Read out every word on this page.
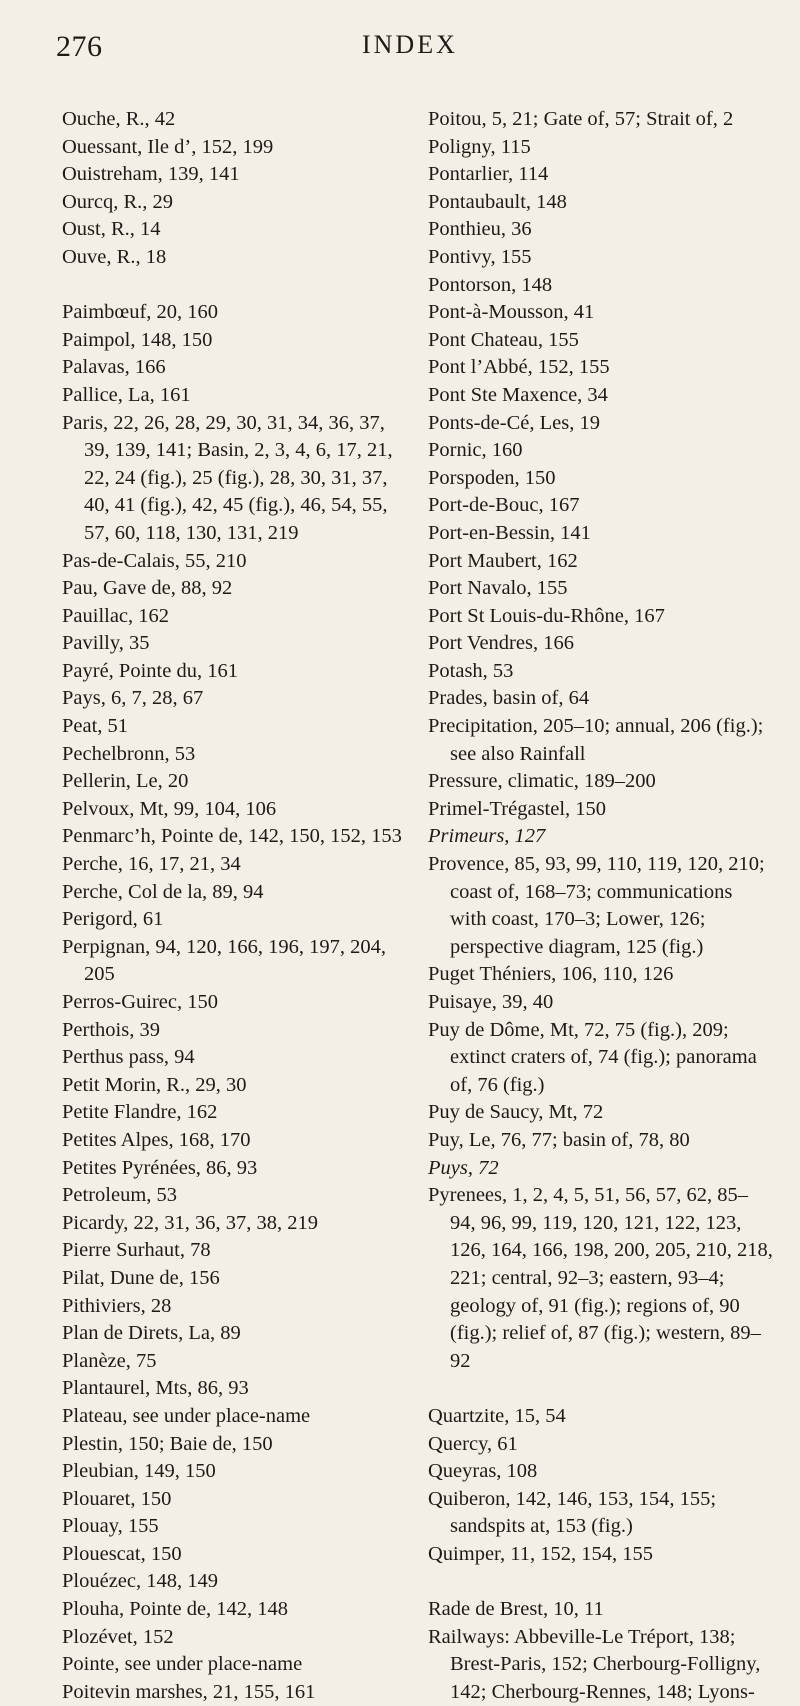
276	INDEX
Ouche, R., 42
Ouessant, Ile d’, 152, 199
Ouistreham, 139, 141
Ourcq, R., 29
Oust, R., 14
Ouve, R., 18
Paimbœuf, 20, 160
Paimpol, 148, 150
Palavas, 166
Pallice, La, 161
Paris, 22, 26, 28, 29, 30, 31, 34, 36, 37, 39, 139, 141; Basin, 2, 3, 4, 6, 17, 21, 22, 24 (fig.), 25 (fig.), 28, 30, 31, 37, 40, 41 (fig.), 42, 45 (fig.), 46, 54, 55, 57, 60, 118, 130, 131, 219
Pas-de-Calais, 55, 210
Pau, Gave de, 88, 92
Pauillac, 162
Pavilly, 35
Payré, Pointe du, 161
Pays, 6, 7, 28, 67
Peat, 51
Pechelbronn, 53
Pellerin, Le, 20
Pelvoux, Mt, 99, 104, 106
Penmarc’h, Pointe de, 142, 150, 152, 153
Perche, 16, 17, 21, 34
Perche, Col de la, 89, 94
Perigord, 61
Perpignan, 94, 120, 166, 196, 197, 204, 205
Perros-Guirec, 150
Perthois, 39
Perthus pass, 94
Petit Morin, R., 29, 30
Petite Flandre, 162
Petites Alpes, 168, 170
Petites Pyrénées, 86, 93
Petroleum, 53
Picardy, 22, 31, 36, 37, 38, 219
Pierre Surhaut, 78
Pilat, Dune de, 156
Pithiviers, 28
Plan de Direts, La, 89
Planèze, 75
Plantaurel, Mts, 86, 93
Plateau, see under place-name
Plestin, 150; Baie de, 150
Pleubian, 149, 150
Plouaret, 150
Plouay, 155
Plouescat, 150
Plouézec, 148, 149
Plouha, Pointe de, 142, 148
Plozévet, 152
Pointe, see under place-name
Poitevin marshes, 21, 155, 161
Poitou, 5, 21; Gate of, 57; Strait of, 2
Poligny, 115
Pontarlier, 114
Pontaubault, 148
Ponthieu, 36
Pontivy, 155
Pontorson, 148
Pont-à-Mousson, 41
Pont Chateau, 155
Pont l’Abbé, 152, 155
Pont Ste Maxence, 34
Ponts-de-Cé, Les, 19
Pornic, 160
Porspoden, 150
Port-de-Bouc, 167
Port-en-Bessin, 141
Port Maubert, 162
Port Navalo, 155
Port St Louis-du-Rhône, 167
Port Vendres, 166
Potash, 53
Prades, basin of, 64
Precipitation, 205–10; annual, 206 (fig.); see also Rainfall
Pressure, climatic, 189–200
Primel-Trégastel, 150
Primeurs, 127
Provence, 85, 93, 99, 110, 119, 120, 210; coast of, 168–73; communications with coast, 170–3; Lower, 126; perspective diagram, 125 (fig.)
Puget Théniers, 106, 110, 126
Puisaye, 39, 40
Puy de Dôme, Mt, 72, 75 (fig.), 209; extinct craters of, 74 (fig.); panorama of, 76 (fig.)
Puy de Saucy, Mt, 72
Puy, Le, 76, 77; basin of, 78, 80
Puys, 72
Pyrenees, 1, 2, 4, 5, 51, 56, 57, 62, 85–94, 96, 99, 119, 120, 121, 122, 123, 126, 164, 166, 198, 200, 205, 210, 218, 221; central, 92–3; eastern, 93–4; geology of, 91 (fig.); regions of, 90 (fig.); relief of, 87 (fig.); western, 89–92
Quartzite, 15, 54
Quercy, 61
Queyras, 108
Quiberon, 142, 146, 153, 154, 155; sandspits at, 153 (fig.)
Quimper, 11, 152, 154, 155
Rade de Brest, 10, 11
Railways: Abbeville-Le Tréport, 138; Brest-Paris, 152; Cherbourg-Folligny, 142; Cherbourg-Rennes, 148; Lyons-
